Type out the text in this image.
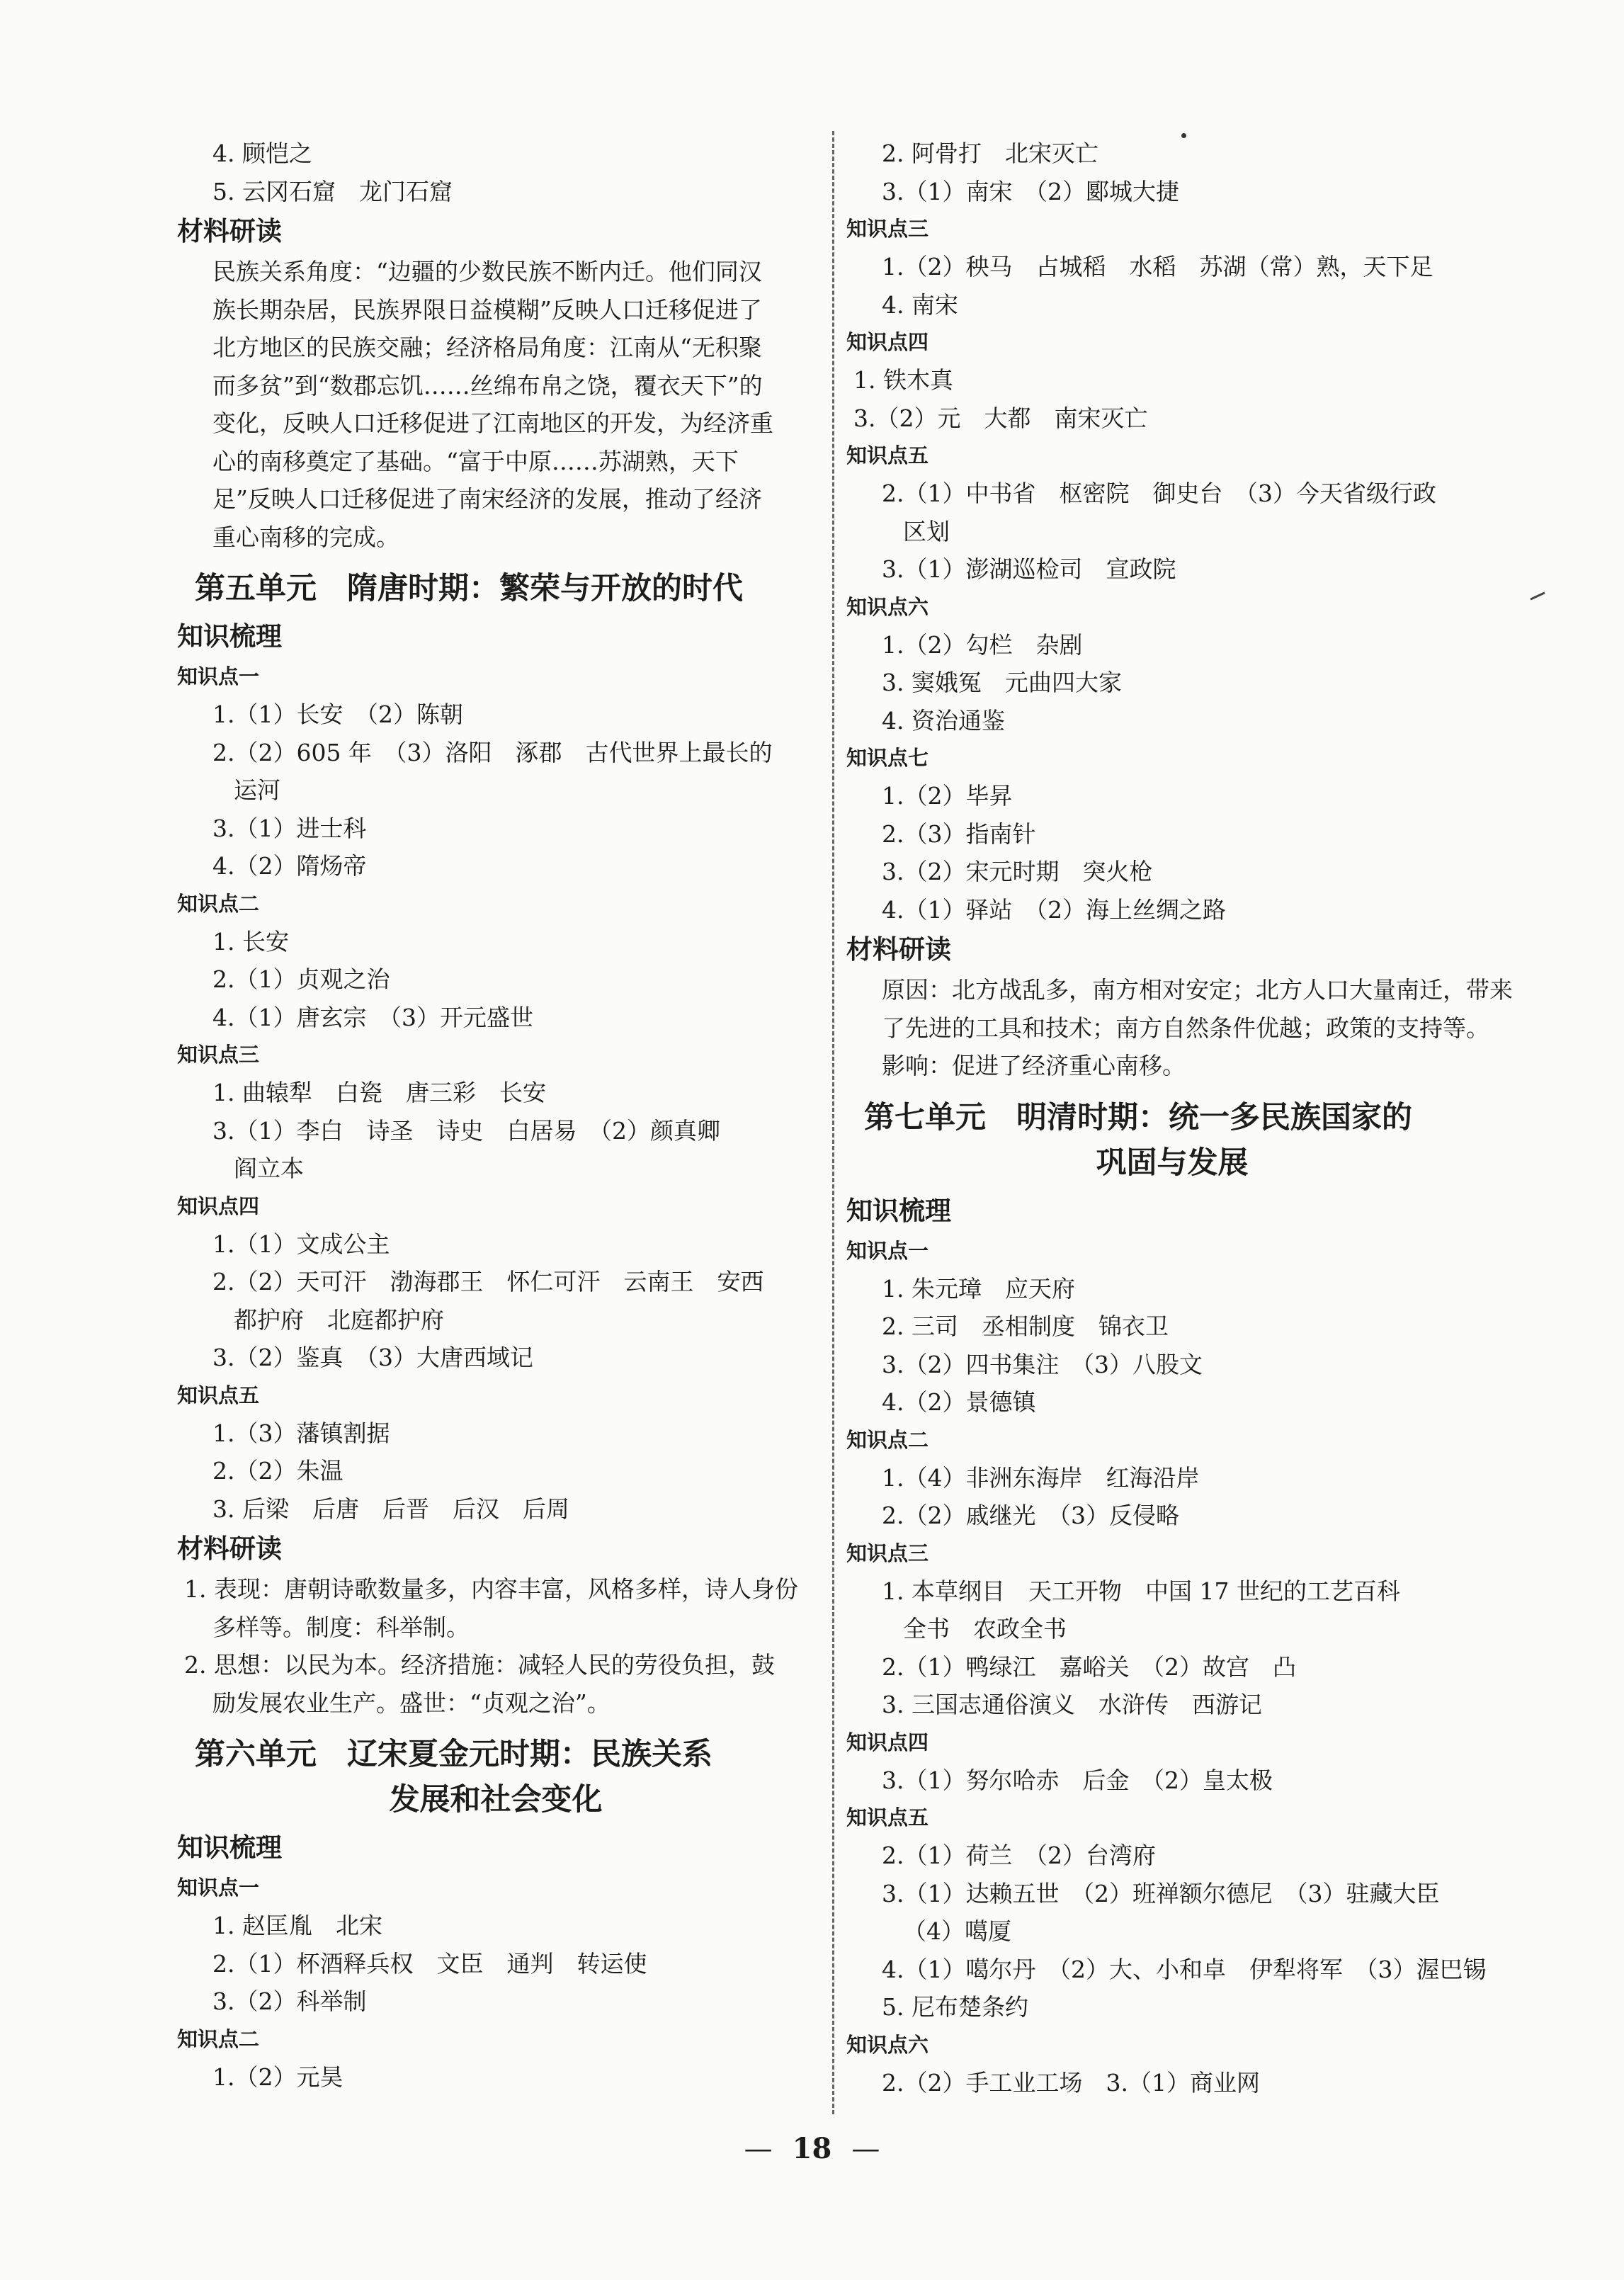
4. 顾恺之
5. 云冈石窟　龙门石窟
材料研读
民族关系角度：“边疆的少数民族不断内迁。他们同汉
族长期杂居，民族界限日益模糊”反映人口迁移促进了
北方地区的民族交融；经济格局角度：江南从“无积聚
而多贫”到“数郡忘饥……丝绵布帛之饶，覆衣天下”的
变化，反映人口迁移促进了江南地区的开发，为经济重
心的南移奠定了基础。“富于中原……苏湖熟，天下
足”反映人口迁移促进了南宋经济的发展，推动了经济
重心南移的完成。
第五单元　隋唐时期：繁荣与开放的时代
知识梳理
知识点一
1.（1）长安　（2）陈朝
2.（2）605 年　（3）洛阳　涿郡　古代世界上最长的
运河
3.（1）进士科
4.（2）隋炀帝
知识点二
1. 长安
2.（1）贞观之治
4.（1）唐玄宗　（3）开元盛世
知识点三
1. 曲辕犁　白瓷　唐三彩　长安
3.（1）李白　诗圣　诗史　白居易　（2）颜真卿
阎立本
知识点四
1.（1）文成公主
2.（2）天可汗　渤海郡王　怀仁可汗　云南王　安西
都护府　北庭都护府
3.（2）鉴真　（3）大唐西域记
知识点五
1.（3）藩镇割据
2.（2）朱温
3. 后梁　后唐　后晋　后汉　后周
材料研读
1. 表现：唐朝诗歌数量多，内容丰富，风格多样，诗人身份
多样等。制度：科举制。
2. 思想：以民为本。经济措施：减轻人民的劳役负担，鼓
励发展农业生产。盛世：“贞观之治”。
第六单元　辽宋夏金元时期：民族关系
发展和社会变化
知识梳理
知识点一
1. 赵匡胤　北宋
2.（1）杯酒释兵权　文臣　通判　转运使
3.（2）科举制
知识点二
1.（2）元昊
2. 阿骨打　北宋灭亡
3.（1）南宋　（2）郾城大捷
知识点三
1.（2）秧马　占城稻　水稻　苏湖（常）熟，天下足
4. 南宋
知识点四
1. 铁木真
3.（2）元　大都　南宋灭亡
知识点五
2.（1）中书省　枢密院　御史台　（3）今天省级行政
区划
3.（1）澎湖巡检司　宣政院
知识点六
1.（2）勾栏　杂剧
3. 窦娥冤　元曲四大家
4. 资治通鉴
知识点七
1.（2）毕昇
2.（3）指南针
3.（2）宋元时期　突火枪
4.（1）驿站　（2）海上丝绸之路
材料研读
原因：北方战乱多，南方相对安定；北方人口大量南迁，带来
了先进的工具和技术；南方自然条件优越；政策的支持等。
影响：促进了经济重心南移。
第七单元　明清时期：统一多民族国家的
巩固与发展
知识梳理
知识点一
1. 朱元璋　应天府
2. 三司　丞相制度　锦衣卫
3.（2）四书集注　（3）八股文
4.（2）景德镇
知识点二
1.（4）非洲东海岸　红海沿岸
2.（2）戚继光　（3）反侵略
知识点三
1. 本草纲目　天工开物　中国 17 世纪的工艺百科
全书　农政全书
2.（1）鸭绿江　嘉峪关　（2）故宫　凸
3. 三国志通俗演义　水浒传　西游记
知识点四
3.（1）努尔哈赤　后金　（2）皇太极
知识点五
2.（1）荷兰　（2）台湾府
3.（1）达赖五世　（2）班禅额尔德尼　（3）驻藏大臣
（4）噶厦
4.（1）噶尔丹　（2）大、小和卓　伊犁将军　（3）渥巴锡
5. 尼布楚条约
知识点六
2.（2）手工业工场　3.（1）商业网
— 18 —
